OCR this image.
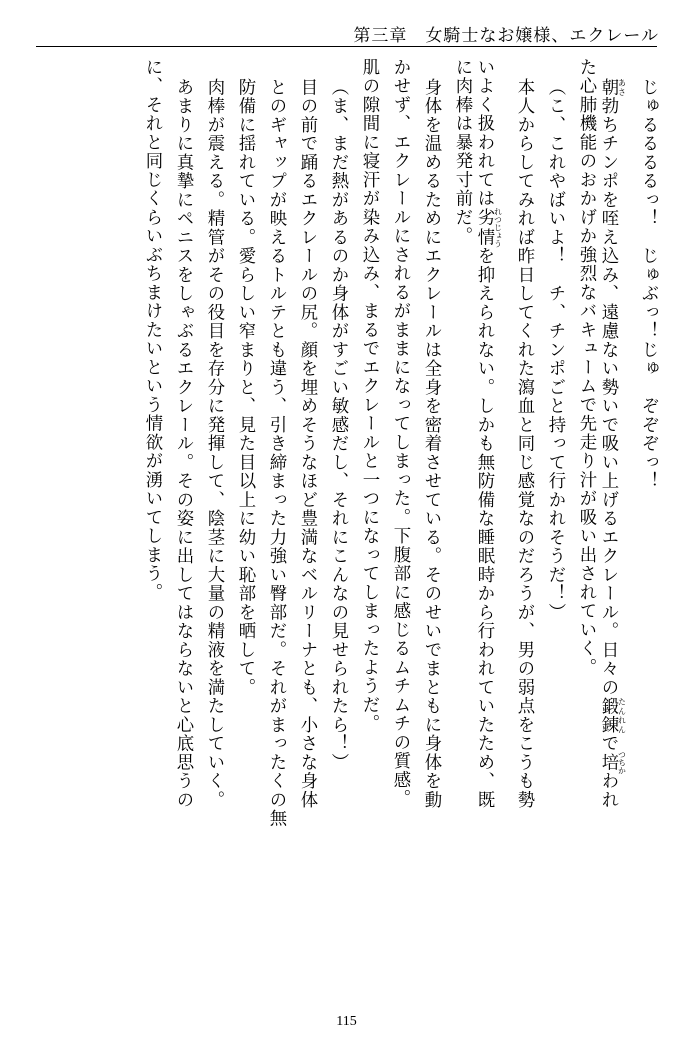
第三章　女騎士なお嬢様、エクレール
じゅるるるるっ！　じゅぶっ！じゅ　ぞぞぞっ！
朝あさ勃ちチンポを咥え込み、遠慮ない勢いで吸い上げるエクレール。日々の鍛錬たんれんで培つちかわれ
た心肺機能のおかげか強烈なバキュームで先走り汁が吸い出されていく。
（こ、これやばいよ！　チ、チンポごと持って行かれそうだ！）
本人からしてみれば昨日してくれた瀉血と同じ感覚なのだろうが、男の弱点をこうも勢
いよく扱われては劣情れつじょうを抑えられない。しかも無防備な睡眠時から行われていたため、既
に肉棒は暴発寸前だ。
身体を温めるためにエクレールは全身を密着させている。そのせいでまともに身体を動
かせず、エクレールにされるがままになってしまった。下腹部に感じるムチムチの質感。
肌の隙間に寝汗が染み込み、まるでエクレールと一つになってしまったようだ。
（ま、まだ熱があるのか身体がすごい敏感だし、それにこんなの見せられたら！）
目の前で踊るエクレールの尻。顔を埋めそうなほど豊満なベルリーナとも、小さな身体
とのギャップが映えるトルテとも違う、引き締まった力強い臀部だ。それがまったくの無
防備に揺れている。愛らしい窄まりと、見た目以上に幼い恥部を晒して。
肉棒が震える。精管がその役目を存分に発揮して、陰茎に大量の精液を満たしていく。
あまりに真摯にペニスをしゃぶるエクレール。その姿に出してはならないと心底思うの
に、それと同じくらいぶちまけたいという情欲が湧いてしまう。
115
